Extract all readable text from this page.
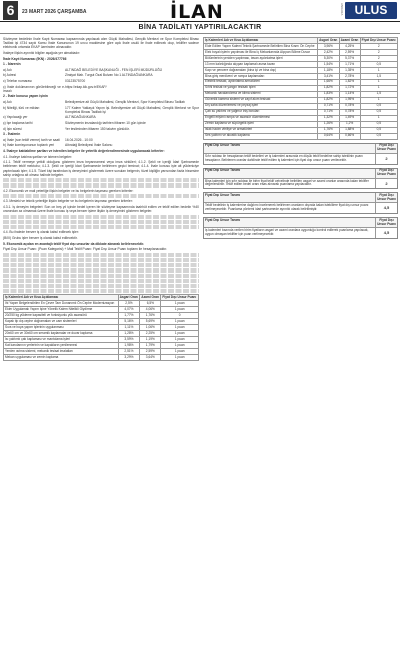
6	23 MART 2026 ÇARŞAMBA	İLAN	ANKARA ULUS
BİNA TADİLATI YAPTIRILACAKTIR
Sözleşme bedelinin İhale Kayıt Numarası kapsamında yapılacak alım Güçlü Mahallesi, Gençlik Merkezi ve Spor Kompleksi Binası Tadilatı işi 4734 sayılı Kamu İhale Kanununun 19 uncu maddesine göre açık ihale usulü ile ihale edilecek olup, teklifler sadece elektronik ortamda EKAP üzerinden alınacaktır.
İhaleye ilişkin ayrıntılı bilgiler aşağıda yer almaktadır:
İhale Kayıt Numarası (İKN) : 2026/477766
1 - İdarenin
a) Adı	ALTINDAĞ BELEDİYE BAŞKANLIĞI - FEN İŞLERİ MÜDÜRLÜĞÜ
b) Adresi	Ziraiyat Mah. Turgut Özal Bulvarı No:1 ALTINDAĞ/ANKARA
c) Telefon numarası	03123575700
ç) İhale dokümanının görülebileceği ve e-imzalı
https://ekap.kik.gov.tr/EKAP/
2 - İhale konusu yapım işinin
a) Adı	Belediyemize ait Güçlü Mahallesi, Gençlik Merkezi, Spor Kompleksi Binası Tadilatı
b) Niteliği, türü ve miktarı	177 Kalem Yaklaşık Yapım İşi. Belediyemize ait Güçlü Mahallesi, Gençlik Merkezi ve Spor Kompleksi Binası Tadilatı İşi
c) Yapılacağı yer	ALTINDAĞ/ANKARA
ç) İşe başlama tarihi	Sözleşmenin imzalandığı tarihten itibaren 10 gün içinde
d) İşin süresi	Yer tesliminden itibaren 150 takvim günüdür.
3 - İhalenin
a) İhale (son teklif verme) tarih ve saati	16.04.2026 - 10:00
b) İhale komisyonunun toplantı yeri	Altındağ Belediyesi İhale Salonu
4. İhaleye katılabilme şartları ve istenilen belgeler ile yeterlik değerlendirmesinde uygulanacak kriterler:
4.1. İhaleye katılma şartları ve istenen belgeler:
4.1.1. Teklif vermeye yetkili olduğunu gösteren imza beyannamesi veya imza sirküleri; 4.1.2. Şekli ve içeriği İdari Şartnamede belirlenen teklif mektubu; 4.1.3. Şekli ve içeriği İdari Şartnamede belirlenen geçici teminat; 4.1.4. İhale konusu işte alt yükleniciye yaptırılacak işler; 4.1.5. Tüzel kişi tarafından iş deneyimini göstermek üzere sunulan belgenin, tüzel kişiliğin yarısından fazla hissesine sahip ortağına ait olması halinde belgeler.
4.2. Ekonomik ve mali yeterliğe ilişkin belgeler ve bu belgelerin taşıması gereken kriterler:
4.3. Mesleki ve teknik yeterliğe ilişkin belgeler ve bu belgelerin taşıması gereken kriterler:
4.3.1. İş deneyim belgeleri: Son on beş yıl içinde bedel içeren bir sözleşme kapsamında taahhüt edilen ve teklif edilen bedelin %40 oranından az olmamak üzere ihale konusu iş veya benzer işlere ilişkin iş deneyimini gösteren belgeler.
4.4. Bu ihalede benzer iş olarak kabul edilecek işler:
(B/III) Grubu işler benzer iş olarak kabul edilecektir.
5. Ekonomik açıdan en avantajlı teklif fiyat dışı unsurlar da dikkate alınarak belirlenecektir.
Fiyat Dışı Unsur Puanı: (Puan Kategorisi) + Mali Teklif Puanı: Fiyat Dışı Unsur Puanı toplamı ile hesaplanacaktır.
İş Kalemleri Adı ve Kısa Açıklaması	Asgari Oran	Azami Oran	Fiyat Dışı Unsur Puanı
İhi Yapım Belgelendirilen En Çevre Tam Donanımlı Ön Cephe Modernizasyon	2,5%	6,5%	1 puan
Ekler Uygulamalı Yapım İşine Yönelik Kalem Nitelikli Giydirme	4,07%	4,06%	1 puan
20/250 kg yükleme kapasiteli ve fonksiyonlu yük asansörü	1,77%	1,76%	0
Kapalı tip dış cephe doğramaları ve cam sistemleri	5,16%	5,69%	1 puan
Sıva ve boya yapım işlerinin uygulanması	1,11%	1,06%	1 puan
20x60 cm ve 30x60 cm seramik kaplamalar ve duvar kaplama	1,28%	2,25%	1 puan
Isı yalıtımlı çatı kaplaması ve mantolama işleri	3,59%	1,19%	1 puan
Kat karolarının yerlerinin ve kapakların yenilenmesi	1,98%	1,79%	1 puan
Yerden ısıtma sistemi, mekanik tesisat imalatları	2,51%	2,59%	1 puan
Mekan uygulaması ve zemin kaplama	3,29%	3,64%	1 puan
İş Kalemleri Adı ve Kısa Açıklaması	Asgari Oran	Azami Oran	Fiyat Dışı Unsur Puanı
Elde Edilen Yapım Kalemi Teknik Şartnamede Belirtilen Bina Kısmı Ön Cephe	3,96%	4,25%	2
Elek boyalı işlerin yapılması ile Bina İç Mekanlarında Alçıpan Bölme Duvar	2,42%	2,59%	2
Bölümlerinin yeniden yapılması, tavan aydınlatma işleri	5,30%	5,37%	2
13 mm kalınlığında alçıpan kaplamalı asma tavan	1,54%	1,71%	0,5
Kapı ve pencere doğramaları (bina içi ve bina dışı)	1,18%	1,35%	1
Bina giriş merdiveni ve rampa kaplamaları	3,41%	2,78%	1,5
Elektrik tesisatı, aydınlatma armatürleri	1,66%	1,82%	1
Sıhhi tesisat ve yangın tesisatı işleri	1,82%	1,72%	1
Mekanik havalandırma ve klima sistemi	1,83%	1,14%	1,5
Güvenlik kamera sistemi ve zayıf akım tesisatı	1,82%	1,95%	1
Dış saha düzenlemesi ve peyzaj işleri	0,71%	0,78%	0,5
Çatı su yalıtımı ve yağmur iniş boruları	0,71%	0,78%	0,5
Engelli erişimi rampa ve asansör düzenlemesi	1,32%	1,49%	1
Zemin kaplama ve süpürgelik işleri	1,26%	1,2%	0,5
Islak hacim vitrifiye ve armatürleri	1,76%	1,88%	0,5
Ses yalıtımı ve akustik kaplama	0,64%	0,66%	0,5
Fiyat Dışı Unsur Tanımı	Fiyat Dışı Unsur Puanı
Sıfır noktası ile hesaplanan teklif bedelleri ve iş kalemleri arasında en düşük teklif bedeline sahip isteklinin puanı hesaplanır. Belirlenen oranlar dahilinde teklif edilen iş kalemleri için fiyat dışı unsur puanı verilecektir.	2
Fiyat Dışı Unsur Tanımı	Fiyat Dışı Unsur Puanı
Bina kalemleri için sıfır noktası ile birim fiyat teklif cetvelinde belirtilen asgari ve azami oranlar arasında kalan teklifler değerlendirilir. Teklif edilen bedel oranı esas alınarak puanlama yapılacaktır.	2
Fiyat Dışı Unsur Tanımı	Fiyat Dışı Unsur Puanı
Teklif bedelinin iş kalemlerine dağılımı incelenerek belirlenen oranların dışında kalan isteklilere fiyat dışı unsur puanı verilmeyecektir. Puanlama yöntemi idari şartnamede ayrıntılı olarak belirtilmiştir.	4,5
Fiyat Dışı Unsur Tanımı	Fiyat Dışı Unsur Puanı
İş kalemleri bazında verilen birim fiyatların asgari ve azami oranlara uygunluğu kontrol edilerek puanlama yapılacak, uygun olmayan teklifler için puan verilmeyecektir.	4,5
